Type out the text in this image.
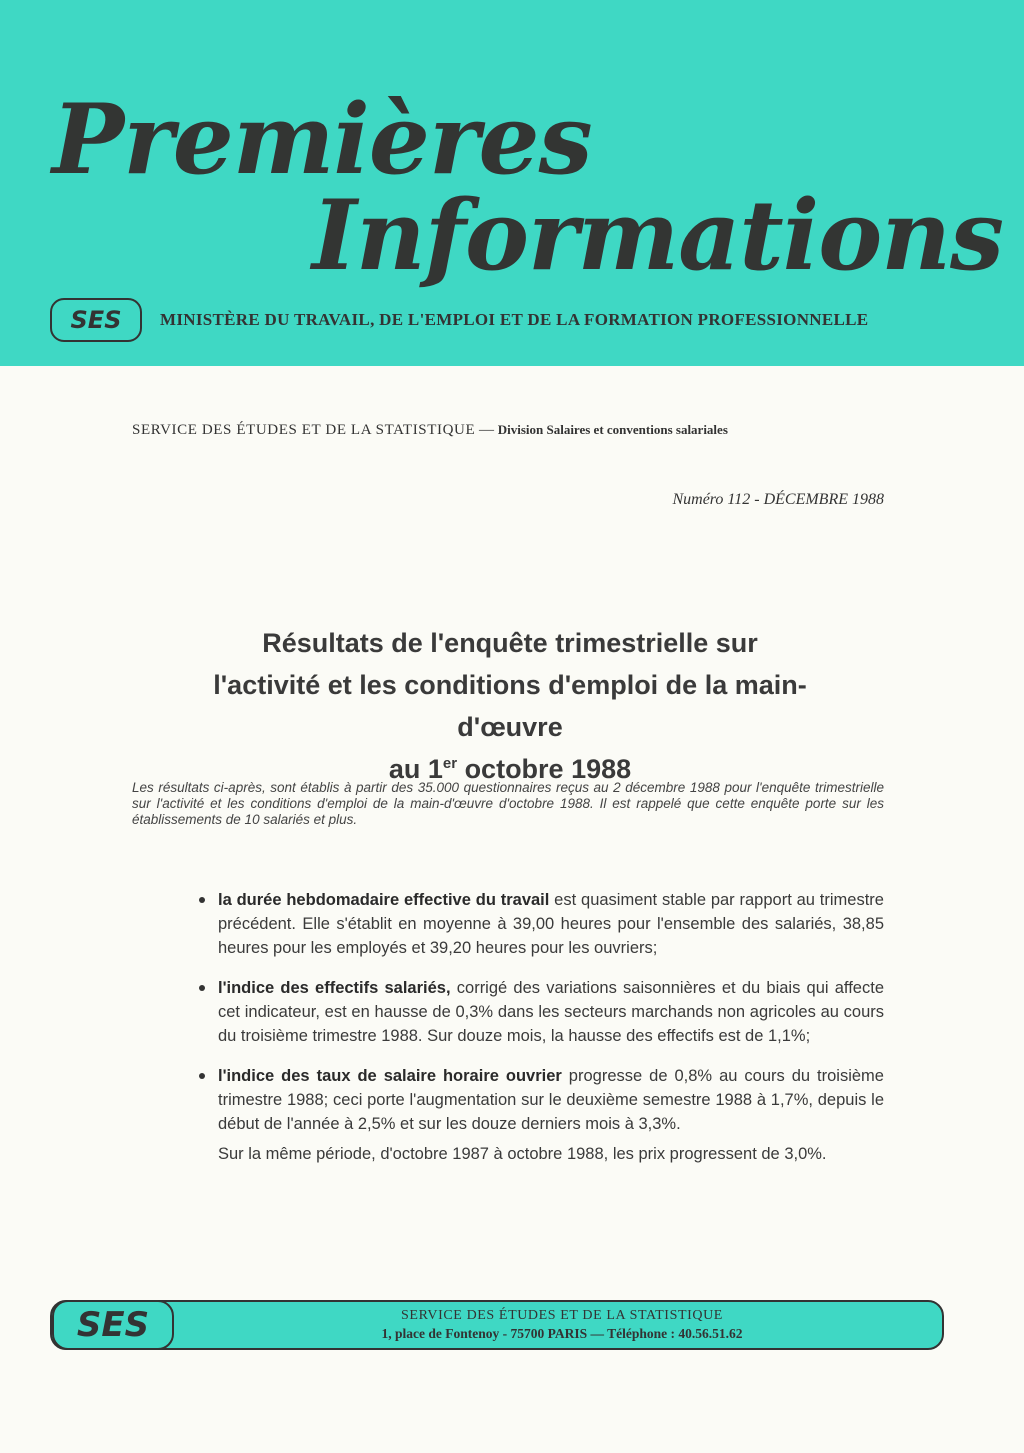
Premières
Informations
SES MINISTÈRE DU TRAVAIL, DE L'EMPLOI ET DE LA FORMATION PROFESSIONNELLE

SERVICE DES ÉTUDES ET DE LA STATISTIQUE — Division Salaires et conventions salariales

Numéro 112 - DÉCEMBRE 1988

Résultats de l'enquête trimestrielle sur
l'activité et les conditions d'emploi de la main-d'œuvre
au 1er octobre 1988

Les résultats ci-après, sont établis à partir des 35.000 questionnaires reçus au 2 décembre 1988 pour l'enquête trimestrielle sur l'activité et les conditions d'emploi de la main-d'œuvre d'octobre 1988. Il est rappelé que cette enquête porte sur les établissements de 10 salariés et plus.

la durée hebdomadaire effective du travail est quasiment stable par rapport au trimestre précédent. Elle s'établit en moyenne à 39,00 heures pour l'ensemble des salariés, 38,85 heures pour les employés et 39,20 heures pour les ouvriers;
l'indice des effectifs salariés, corrigé des variations saisonnières et du biais qui affecte cet indicateur, est en hausse de 0,3% dans les secteurs marchands non agricoles au cours du troisième trimestre 1988. Sur douze mois, la hausse des effectifs est de 1,1%;
l'indice des taux de salaire horaire ouvrier progresse de 0,8% au cours du troisième trimestre 1988; ceci porte l'augmentation sur le deuxième semestre 1988 à 1,7%, depuis le début de l'année à 2,5% et sur les douze derniers mois à 3,3%.
Sur la même période, d'octobre 1987 à octobre 1988, les prix progressent de 3,0%.
SES	SERVICE DES ÉTUDES ET DE LA STATISTIQUE
1, place de Fontenoy - 75700 PARIS — Téléphone : 40.56.51.62
